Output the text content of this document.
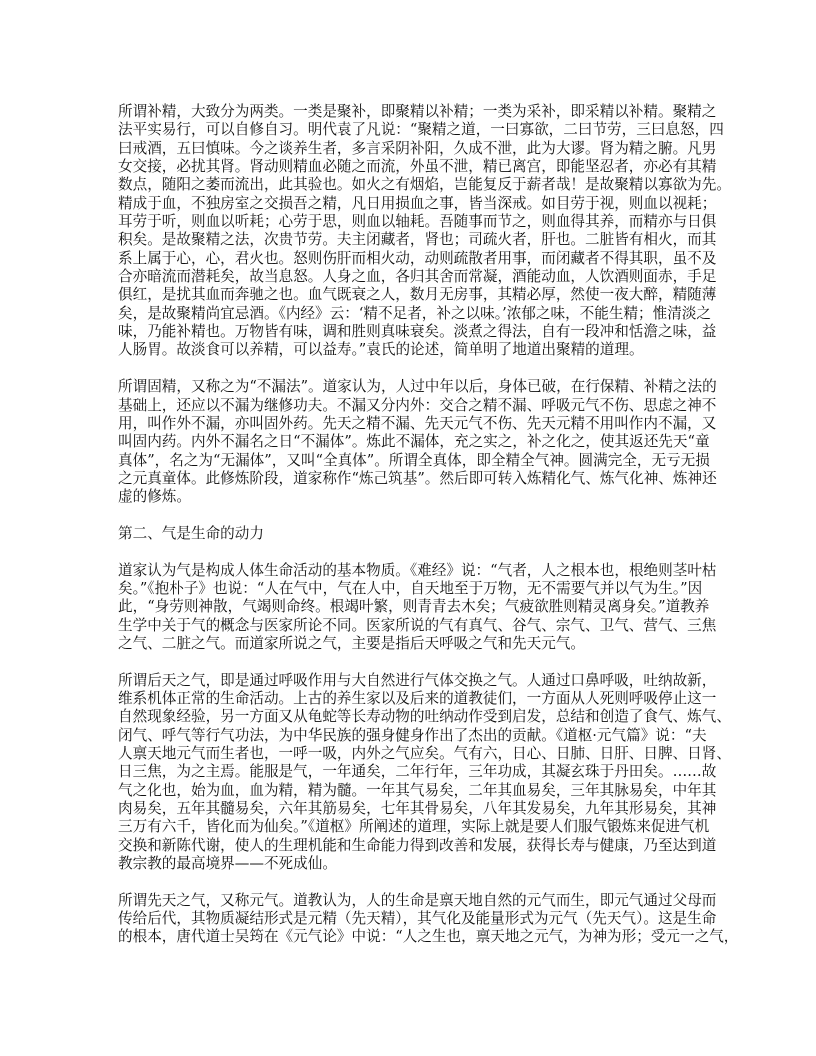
所谓补精，大致分为两类。一类是聚补，即聚精以补精；一类为采补，即采精以补精。聚精之
法平实易行，可以自修自习。明代袁了凡说：“聚精之道，一曰寡欲，二曰节劳，三曰息怒，四
曰戒酒，五曰慎味。今之谈养生者，多言采阴补阳，久成不泄，此为大谬。肾为精之腑。凡男
女交接，必扰其肾。肾动则精血必随之而流，外虽不泄，精已离宫，即能坚忍者，亦必有其精
数点，随阳之萎而流出，此其验也。如火之有烟焰，岂能复反于薪者哉！是故聚精以寡欲为先。
精成于血，不独房室之交损吾之精，凡日用损血之事，皆当深戒。如目劳于视，则血以视耗；
耳劳于听，则血以听耗；心劳于思，则血以轴耗。吾随事而节之，则血得其养，而精亦与日俱
积矣。是故聚精之法，次贵节劳。夫主闭藏者，肾也；司疏火者，肝也。二脏皆有相火，而其
系上属于心，心，君火也。怒则伤肝而相火动，动则疏散者用事，而闭藏者不得其职，虽不及
合亦暗流而潜耗矣，故当息怒。人身之血，各归其舍而常凝，酒能动血，人饮酒则面赤，手足
俱红，是扰其血而奔驰之也。血气既衰之人，数月无房事，其精必厚，然使一夜大醉，精随薄
矣，是故聚精尚宜忌酒。《内经》云：‘精不足者，补之以味。’浓郁之味，不能生精；惟清淡之
味，乃能补精也。万物皆有味，调和胜则真味衰矣。淡煮之得法，自有一段冲和恬澹之味，益
人肠胃。故淡食可以养精，可以益寿。”袁氏的论述，简单明了地道出聚精的道理。
所谓固精，又称之为“不漏法”。道家认为，人过中年以后，身体已破，在行保精、补精之法的
基础上，还应以不漏为继修功夫。不漏又分内外：交合之精不漏、呼吸元气不伤、思虑之神不
用，叫作外不漏，亦叫固外药。先天之精不漏、先天元气不伤、先天元精不用叫作内不漏，又
叫固内药。内外不漏名之日“不漏体”。炼此不漏体，充之实之，补之化之，使其返还先天“童
真体”，名之为“无漏体”，又叫“全真体”。所谓全真体，即全精全气神。圆满完全，无亏无损
之元真童体。此修炼阶段，道家称作“炼己筑基”。然后即可转入炼精化气、炼气化神、炼神还
虚的修炼。
第二、气是生命的动力
道家认为气是构成人体生命活动的基本物质。《难经》说：“气者，人之根本也，根绝则茎叶枯
矣。”《抱朴子》也说：“人在气中，气在人中，自天地至于万物，无不需要气并以气为生。”因
此，“身劳则神散，气竭则命终。根竭叶繁，则青青去木矣；气疲欲胜则精灵离身矣。”道教养
生学中关于气的概念与医家所论不同。医家所说的气有真气、谷气、宗气、卫气、营气、三焦
之气、二脏之气。而道家所说之气，主要是指后天呼吸之气和先天元气。
所谓后天之气，即是通过呼吸作用与大自然进行气体交换之气。人通过口鼻呼吸，吐纳故新，
维系机体正常的生命活动。上古的养生家以及后来的道教徒们，一方面从人死则呼吸停止这一
自然现象经验，另一方面又从龟蛇等长寿动物的吐纳动作受到启发，总结和创造了食气、炼气、
闭气、呼气等行气功法，为中华民族的强身健身作出了杰出的贡献。《道枢·元气篇》说：“夫
人禀天地元气而生者也，一呼一吸，内外之气应矣。气有六，日心、日肺、日肝、日脾、日肾、
日三焦，为之主焉。能服是气，一年通矣，二年行年，三年功成，其凝玄珠于丹田矣。……故
气之化也，始为血，血为精，精为髓。一年其气易矣，二年其血易矣，三年其脉易矣，中年其
肉易矣，五年其髓易矣，六年其筋易矣，七年其骨易矣，八年其发易矣，九年其形易矣，其神
三万有六千，皆化而为仙矣。”《道枢》所阐述的道理，实际上就是要人们服气锻炼来促进气机
交换和新陈代谢，使人的生理机能和生命能力得到改善和发展，获得长寿与健康，乃至达到道
教宗教的最高境界——不死成仙。
所谓先天之气，又称元气。道教认为，人的生命是禀天地自然的元气而生，即元气通过父母而
传给后代，其物质凝结形式是元精（先天精），其气化及能量形式为元气（先天气）。这是生命
的根本，唐代道士吴筠在《元气论》中说：“人之生也，禀天地之元气，为神为形；受元一之气，
